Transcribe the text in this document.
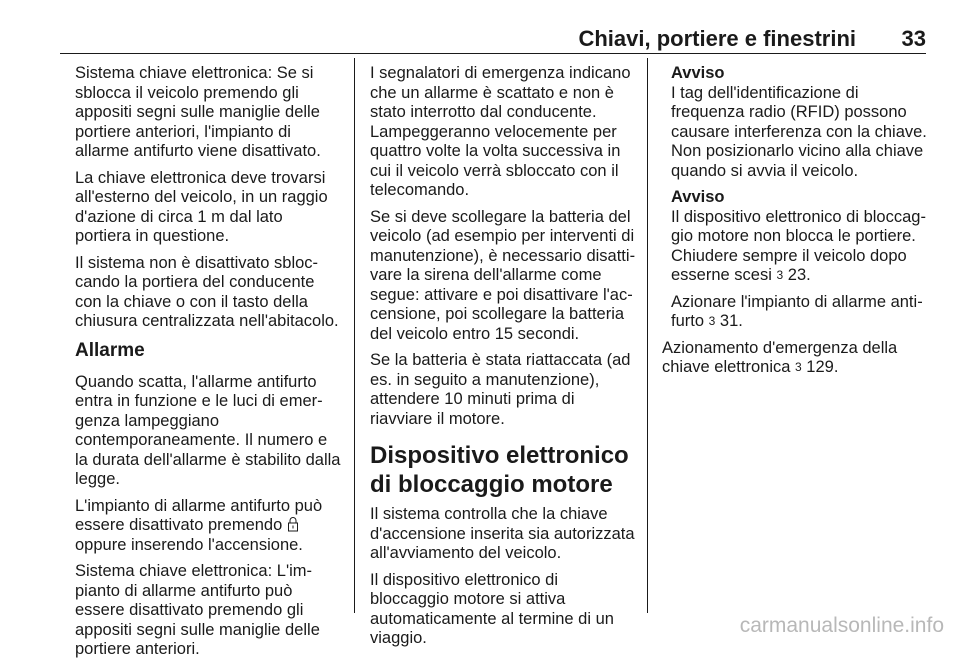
Chiavi, portiere e finestrini 33

Sistema chiave elettronica: Se si sblocca il veicolo premendo gli appositi segni sulle maniglie delle portiere anteriori, l'impianto di allarme antifurto viene disattivato.

La chiave elettronica deve trovarsi all'esterno del veicolo, in un raggio d'azione di circa 1 m dal lato portiera in questione.

Il sistema non è disattivato sbloccando la portiera del conducente con la chiave o con il tasto della chiusura centralizzata nell'abitacolo.

Allarme

Quando scatta, l'allarme antifurto entra in funzione e le luci di emergenza lampeggiano contemporaneamente. Il numero e la durata dell'allarme è stabilito dalla legge.

L'impianto di allarme antifurto può essere disattivato premendo  oppure inserendo l'accensione.

Sistema chiave elettronica: L'impianto di allarme antifurto può essere disattivato premendo gli appositi segni sulle maniglie delle portiere anteriori.

I segnalatori di emergenza indicano che un allarme è scattato e non è stato interrotto dal conducente. Lampeggeranno velocemente per quattro volte la volta successiva in cui il veicolo verrà sbloccato con il telecomando.

Se si deve scollegare la batteria del veicolo (ad esempio per interventi di manutenzione), è necessario disattivare la sirena dell'allarme come segue: attivare e poi disattivare l'accensione, poi scollegare la batteria del veicolo entro 15 secondi.

Se la batteria è stata riattaccata (ad es. in seguito a manutenzione), attendere 10 minuti prima di riavviare il motore.

Dispositivo elettronico di bloccaggio motore

Il sistema controlla che la chiave d'accensione inserita sia autorizzata all'avviamento del veicolo.

Il dispositivo elettronico di bloccaggio motore si attiva automaticamente al termine di un viaggio.

Avviso
I tag dell'identificazione di frequenza radio (RFID) possono causare interferenza con la chiave. Non posizionarlo vicino alla chiave quando si avvia il veicolo.

Avviso
Il dispositivo elettronico di bloccaggio motore non blocca le portiere. Chiudere sempre il veicolo dopo esserne scesi 3 23.

Azionare l'impianto di allarme antifurto 3 31.

Azionamento d'emergenza della chiave elettronica 3 129.

carmanualsonline.info
